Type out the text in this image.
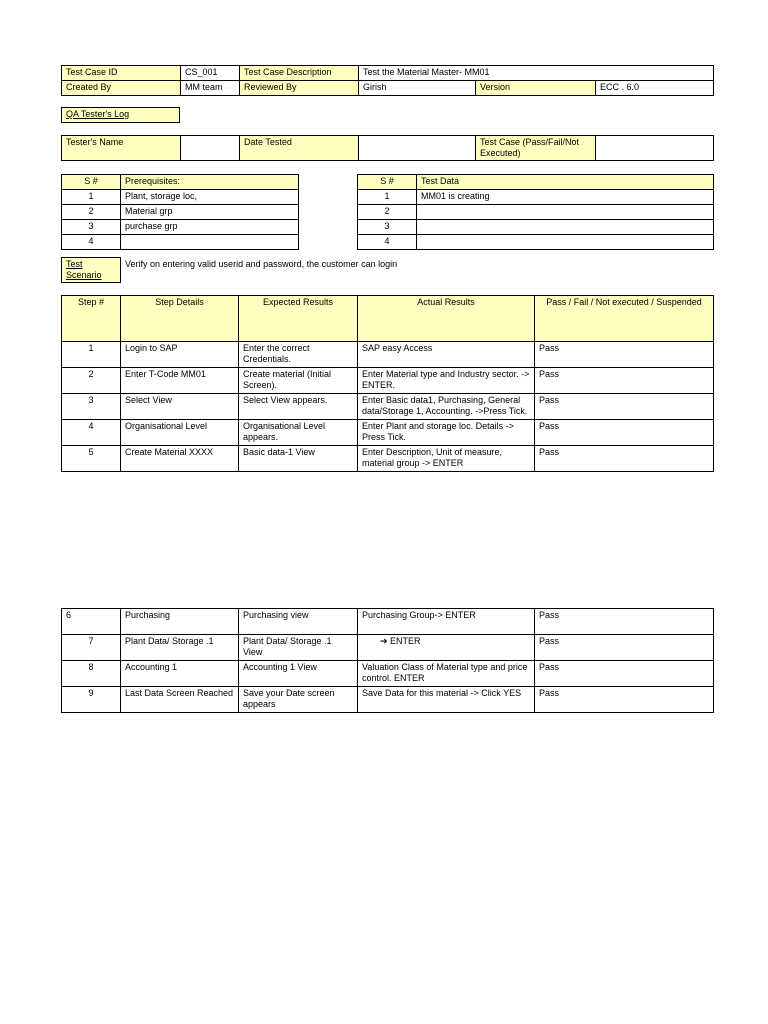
Test Case ID	CS_001	Test Case Description	Test the Material Master- MM01		
Created By	MM team	Reviewed By	Girish	Version	ECC . 6.0
QA Tester's Log
Tester's Name		Date Tested		Test Case (Pass/Fail/Not Executed)	
S #	Prerequisites:
1	Plant, storage loc,
2	Material grp
3	purchase grp
4	
S #	Test Data
1	MM01 is creating
2	
3	
4	
Test Scenario	Verify on entering valid userid and password, the customer can login
Step #	Step Details	Expected Results	Actual Results	Pass / Fail / Not executed / Suspended
1	Login to SAP	Enter the correct Credentials.	SAP easy Access	Pass
2	Enter T-Code MM01	Create material (Initial Screen).	Enter Material type and Industry sector. -> ENTER.	Pass
3	Select View	Select View appears.	Enter Basic data1, Purchasing, General data/Storage 1, Accounting. ->Press Tick.	Pass
4	Organisational Level	Organisational Level appears.	Enter Plant and storage loc. Details -> Press Tick.	Pass
5	Create Material XXXX	Basic data-1 View	Enter Description, Unit of measure, material group -> ENTER	Pass
6	Purchasing	Purchasing view	Purchasing Group-> ENTER	Pass
7	Plant Data/ Storage .1	Plant Data/ Storage .1 View	➔ ENTER	Pass
8	Accounting 1	Accounting 1 View	Valuation Class of Material type and price control. ENTER	Pass
9	Last Data Screen Reached	Save your Date screen appears	Save Data for this material -> Click YES	Pass
